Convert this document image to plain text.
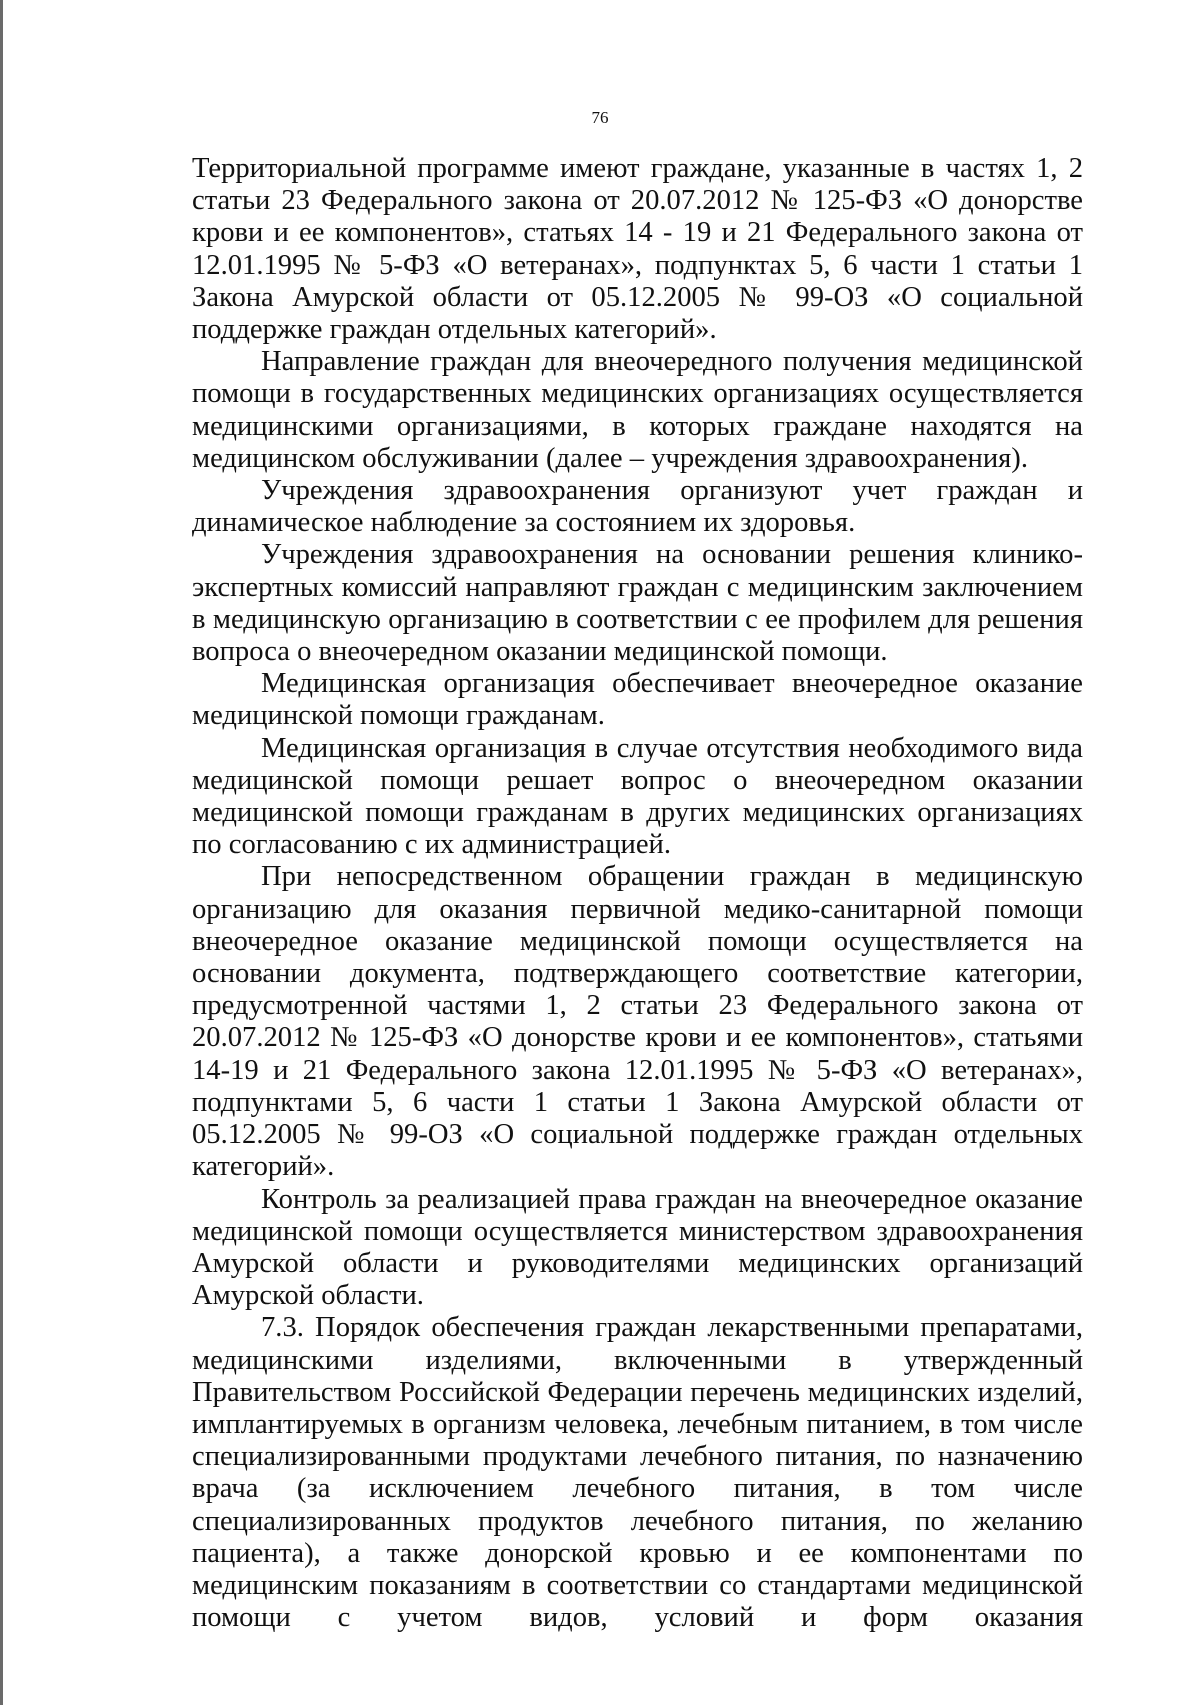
76

Территориальной программе имеют граждане, указанные в частях 1, 2 статьи 23 Федерального закона от 20.07.2012 № 125-ФЗ «О донорстве крови и ее компонентов», статьях 14 - 19 и 21 Федерального закона от 12.01.1995 № 5-ФЗ «О ветеранах», подпунктах 5, 6 части 1 статьи 1 Закона Амурской области от 05.12.2005 № 99-ОЗ «О социальной поддержке граждан отдельных категорий».

Направление граждан для внеочередного получения медицинской помощи в государственных медицинских организациях осуществляется медицинскими организациями, в которых граждане находятся на медицинском обслуживании (далее – учреждения здравоохранения).

Учреждения здравоохранения организуют учет граждан и динамическое наблюдение за состоянием их здоровья.

Учреждения здравоохранения на основании решения клинико-экспертных комиссий направляют граждан с медицинским заключением в медицинскую организацию в соответствии с ее профилем для решения вопроса о внеочередном оказании медицинской помощи.

Медицинская организация обеспечивает внеочередное оказание медицинской помощи гражданам.

Медицинская организация в случае отсутствия необходимого вида медицинской помощи решает вопрос о внеочередном оказании медицинской помощи гражданам в других медицинских организациях по согласованию с их администрацией.

При непосредственном обращении граждан в медицинскую организацию для оказания первичной медико-санитарной помощи внеочередное оказание медицинской помощи осуществляется на основании документа, подтверждающего соответствие категории, предусмотренной частями 1, 2 статьи 23 Федерального закона от 20.07.2012 № 125-ФЗ «О донорстве крови и ее компонентов», статьями 14-19 и 21 Федерального закона 12.01.1995 № 5-ФЗ «О ветеранах», подпунктами 5, 6 части 1 статьи 1 Закона Амурской области от 05.12.2005 № 99-ОЗ «О социальной поддержке граждан отдельных категорий».

Контроль за реализацией права граждан на внеочередное оказание медицинской помощи осуществляется министерством здравоохранения Амурской области и руководителями медицинских организаций Амурской области.

7.3. Порядок обеспечения граждан лекарственными препаратами, медицинскими изделиями, включенными в утвержденный Правительством Российской Федерации перечень медицинских изделий, имплантируемых в организм человека, лечебным питанием, в том числе специализированными продуктами лечебного питания, по назначению врача (за исключением лечебного питания, в том числе специализированных продуктов лечебного питания, по желанию пациента), а также донорской кровью и ее компонентами по медицинским показаниям в соответствии со стандартами медицинской помощи с учетом видов, условий и форм оказания
